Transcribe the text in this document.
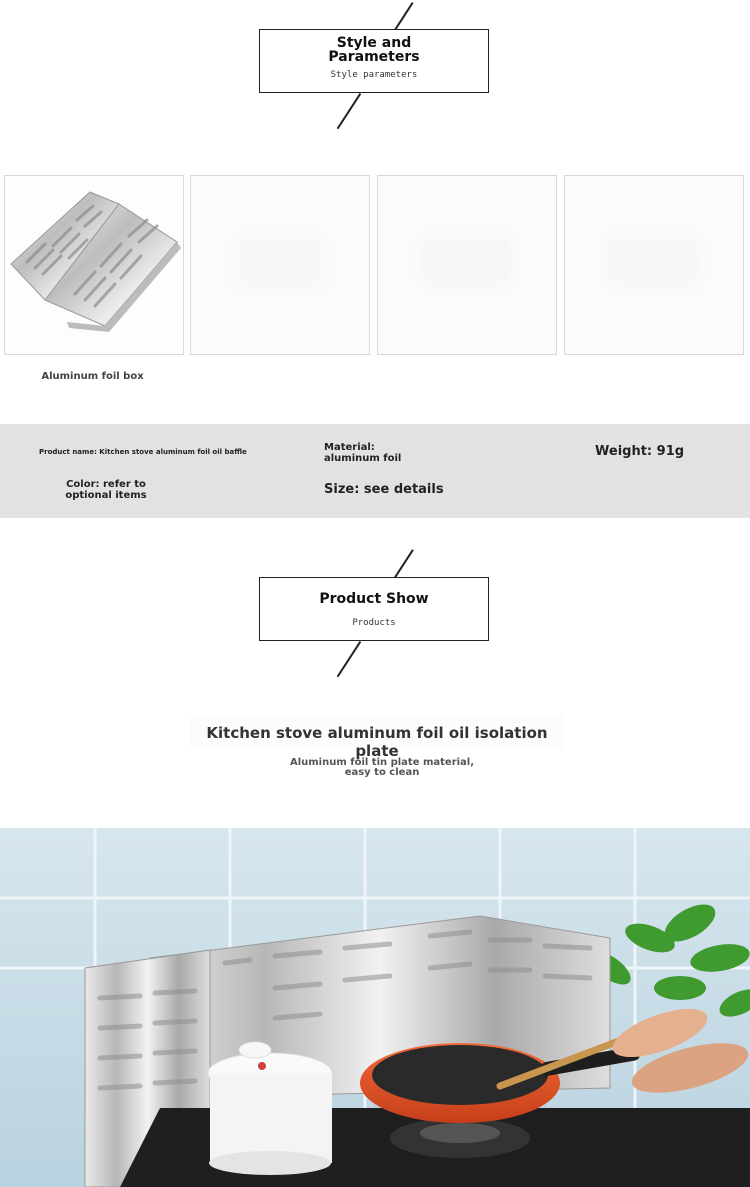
Style and Parameters
Style parameters
Aluminum foil box
Product name: Kitchen stove aluminum foil oil baffle	Material: aluminum foil	Weight: 91g
Color: refer to optional items	Size: see details
Product Show
Products
Kitchen stove aluminum foil oil isolation plate
Aluminum foil tin plate material, easy to clean
